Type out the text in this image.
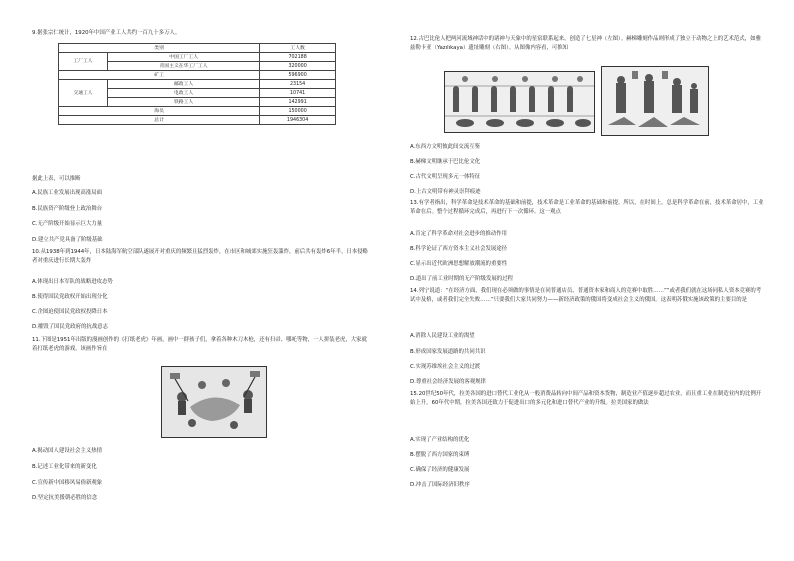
9.据张宗仁统计，1920年中国产业工人共约一百九十多万人。
类别		工人数
工厂工人	中国工厂工人	702188
	帝国主义在华工厂工人	320000
矿工		596900
交通工人	邮政工人	23154
	电政工人	10741
	铁路工人	142991
海员		150000
总计		1946304
据此上表，可以推断
A.民族工业发展出现高涨局面
B.民族资产阶级登上政治舞台
C.无产阶级开始显示巨大力量
D.建立共产党具备了阶级基础
10.从1938年到1944年，日本陆海军航空部队遂展开对重庆的频繁且猛烈轰炸，在市区和城郊实施狂轰滥炸，前后共有轰炸6年半。日本侵略者对重庆进行长期大轰炸
A.体现出日本军队的战略进攻态势
B.使得国民党政权开始出现分化
C.企图迫使国民党政权投降日本
D.摧毁了国民党政府的抗战意志
11.下图是1951年出版的漫画创作的《打纸老虎》年画，画中一群孩子们，拿着各种木刀木枪，还有扫帚、哪吒等物，一人拼装老虎，大家就着打纸老虎的游戏。该画作旨在
A.揭动国人建设社会主义热情
B.记述工业化带来的新变化
C.宣传新中国移风易俗新观象
D.坚定抗美援朝必胜的信念
12.古巴比伦人把两河流域神话中的诸神与天象中的星宿联系起来，创造了七星神（左图）。赫梯雕刻作品则形成了独立于动物之上的艺术范式，如雅兹勒卡亚（Yazılıkaya）遗址雕刻（右图）。从图像内容看，可推知
A.东西方文明彼此间交流互鉴
B.赫梯文明继承于巴比伦文化
C.古代文明呈现多元一体特征
D.上古文明带有神灵崇拜痕迹
13.有学者指出，科学革命是技术革命的基础和前提，技术革命是工业革命的基础和前提。所以，在时间上，总是科学革命在前，技术革命居中，工业革命在后。整个过程循环完成后，再进行下一次循环。这一观点
A.肯定了科学革命对社会进步的推动作用
B.科学论证了西方资本主义社会发展途径
C.显示出近代欧洲思想解放潮流的重要性
D.道出了前工业时期的无产阶级发展的过程
14.列宁说道：“在经济方面，我们现在必须做的事情是在同普通店员、普通资本家和商人的竞赛中取胜……”“或者我们就在这场同私人资本竞赛的考试中及格，或者我们完全失败……”只要我们大家共同努力——新经济政策的俄国将变成社会主义的俄国。这表明苏俄实施该政策的主要目的是
A.消除人民建设工业的渴望
B.形成国家发展道路的共同共识
C.实现苏维埃社会主义的过渡
D.尊重社会经济发展的客观规律
15.20世纪50年代，拉美各国的进口替代工业化从一般消费品转向中间产品和资本货物，制造业产值逐步超过农业，而且重工业在制造业内的比例开始上升。60年代中期，拉美各国还致力于促进出口的多元化和进口替代产业的升级。拉美国家的做法
A.实现了产业结构的优化
B.摆脱了西方国家的束缚
C.确保了经济的健康发展
D.冲击了国际经济旧秩序
